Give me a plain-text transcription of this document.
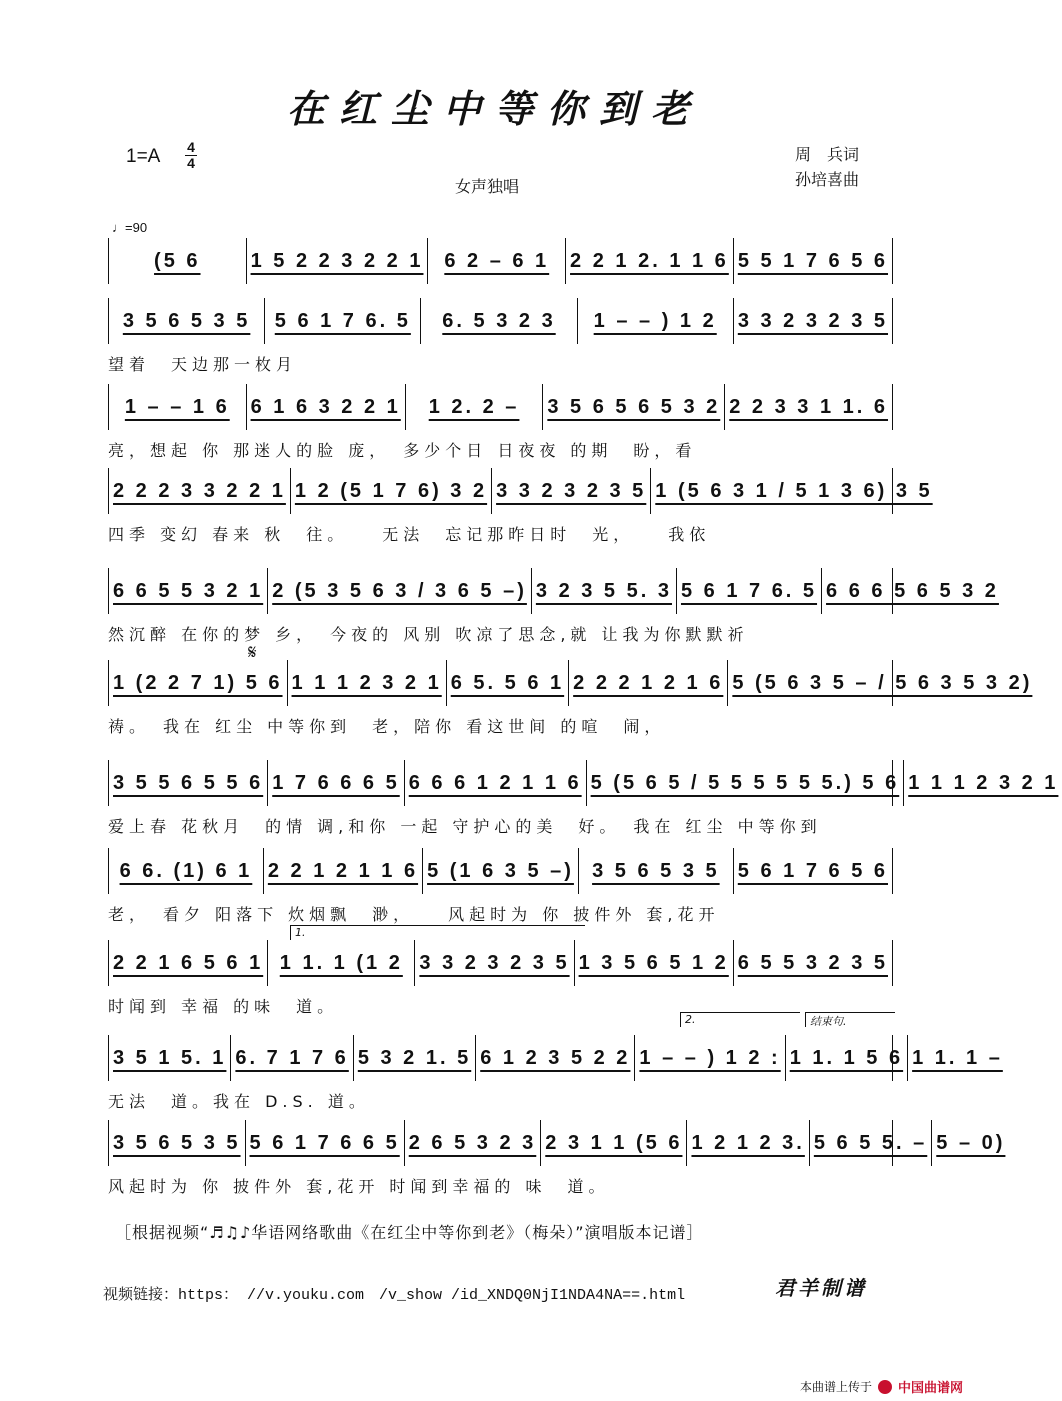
在红尘中等你到老
1=A 4
4
女声独唱
周　兵词
孙培喜曲
♩=90
𝄋
(5 6	1 5 2 2 3 2 2 1 6 2 – 6 1 2 2 1 2. 1 1 6 5 5 1 7 6 5 6
3 5 6 5 3 5 5 6 1 7 6. 5 6. 5 3 2 3 1 – – ) 1 2 3 3 2 3 2 3 5
望着　天边那一枚月
1 – – 1 6 6 1 6 3 2 2 1 1 2. 2 – 3 5 6 5 6 5 3 2 2 2 3 3 1 1. 6
亮，想起 你 那迷人的脸 庞，　多少个日 日夜夜 的期　盼，看
2 2 2 3 3 2 2 1 1 2 (5 1 7 6) 3 2 3 3 2 3 2 3 5 1 (5 6 3 1 / 5 1 3 6) 3 5
四季 变幻 春来 秋　往。　　无法　忘记那昨日时　光，　　我依
6 6 5 5 3 2 1 2 (5 3 5 6 3 / 3 6 5 –) 3 2 3 5 5. 3 5 6 1 7 6. 5 6 6 6 5 6 5 3 2
然沉醉 在你的梦 乡，　今夜的 风别 吹凉了思念,就 让我为你默默祈
1 (2 2 7 1) 5 6 1 1 1 2 3 2 1 6 5. 5 6 1 2 2 2 1 2 1 6 5 (5 6 3 5 – / 5 6 3 5 3 2)
祷。　我在 红尘 中等你到　老，陪你 看这世间 的喧　闹，
3 5 5 6 5 5 6 1 7 6 6 6 5 6 6 6 1 2 1 1 6 5 (5 6 5 / 5 5 5 5 5 5.) 5 6 1 1 1 2 3 2 1
爱上春 花秋月　的情 调,和你 一起 守护心的美　好。　我在 红尘 中等你到
6 6. (1) 6 1 2 2 1 2 1 1 6 5 (1 6 3 5 –) 3 5 6 5 3 5 5 6 1 7 6 5 6
老，　看夕 阳落下 炊烟飘　渺，　　风起时为 你 披件外 套,花开
2 2 1 6 5 6 1 1 1. 1 (1 2 3 3 2 3 2 3 5 1 3 5 6 5 1 2 6 5 5 3 2 3 5
时闻到 幸福 的味　道。
3 5 1 5. 1 6. 7 1 7 6 5 3 2 1. 5 6 1 2 3 5 2 2 1 – – ) 1 2 : 1 1. 1 5 6 1 1. 1 –
无法　道。我在 D.S. 道。
3 5 6 5 3 5 5 6 1 7 6 6 5 2 6 5 3 2 3 2 3 1 1 (5 6 1 2 1 2 3. 5 6 5 5. – 5 – 0)
风起时为 你 披件外 套,花开 时闻到幸福的 味　道。
1.
2.	结束句.
［根据视频“♬♫♪华语网络歌曲《在红尘中等你到老》（梅朵）”演唱版本记谱］
视频链接：https： //v.youku.com　/v_show /id_XNDQ0NjI1NDA4NA==.html	君羊制谱
本曲谱上传于 中国曲谱网
